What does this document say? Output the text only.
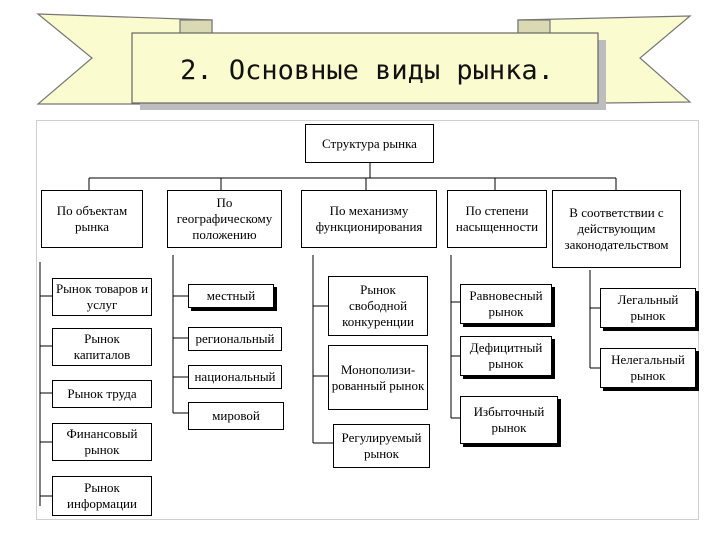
2. Основные виды рынка.
Структура рынка
По объектам рынка
По географическому положению
По механизму функционирования
По степени насыщенности
В соответствии с действующим законодательством
Рынок товаров и услуг
Рынок капиталов
Рынок труда
Финансовый рынок
Рынок информации
местный
региональный
национальный
мировой
Рынок свободной конкуренции
Монополизи-рованный рынок
Регулируемый рынок
Равновесный рынок
Дефицитный рынок
Избыточный рынок
Легальный рынок
Нелегальный рынок
